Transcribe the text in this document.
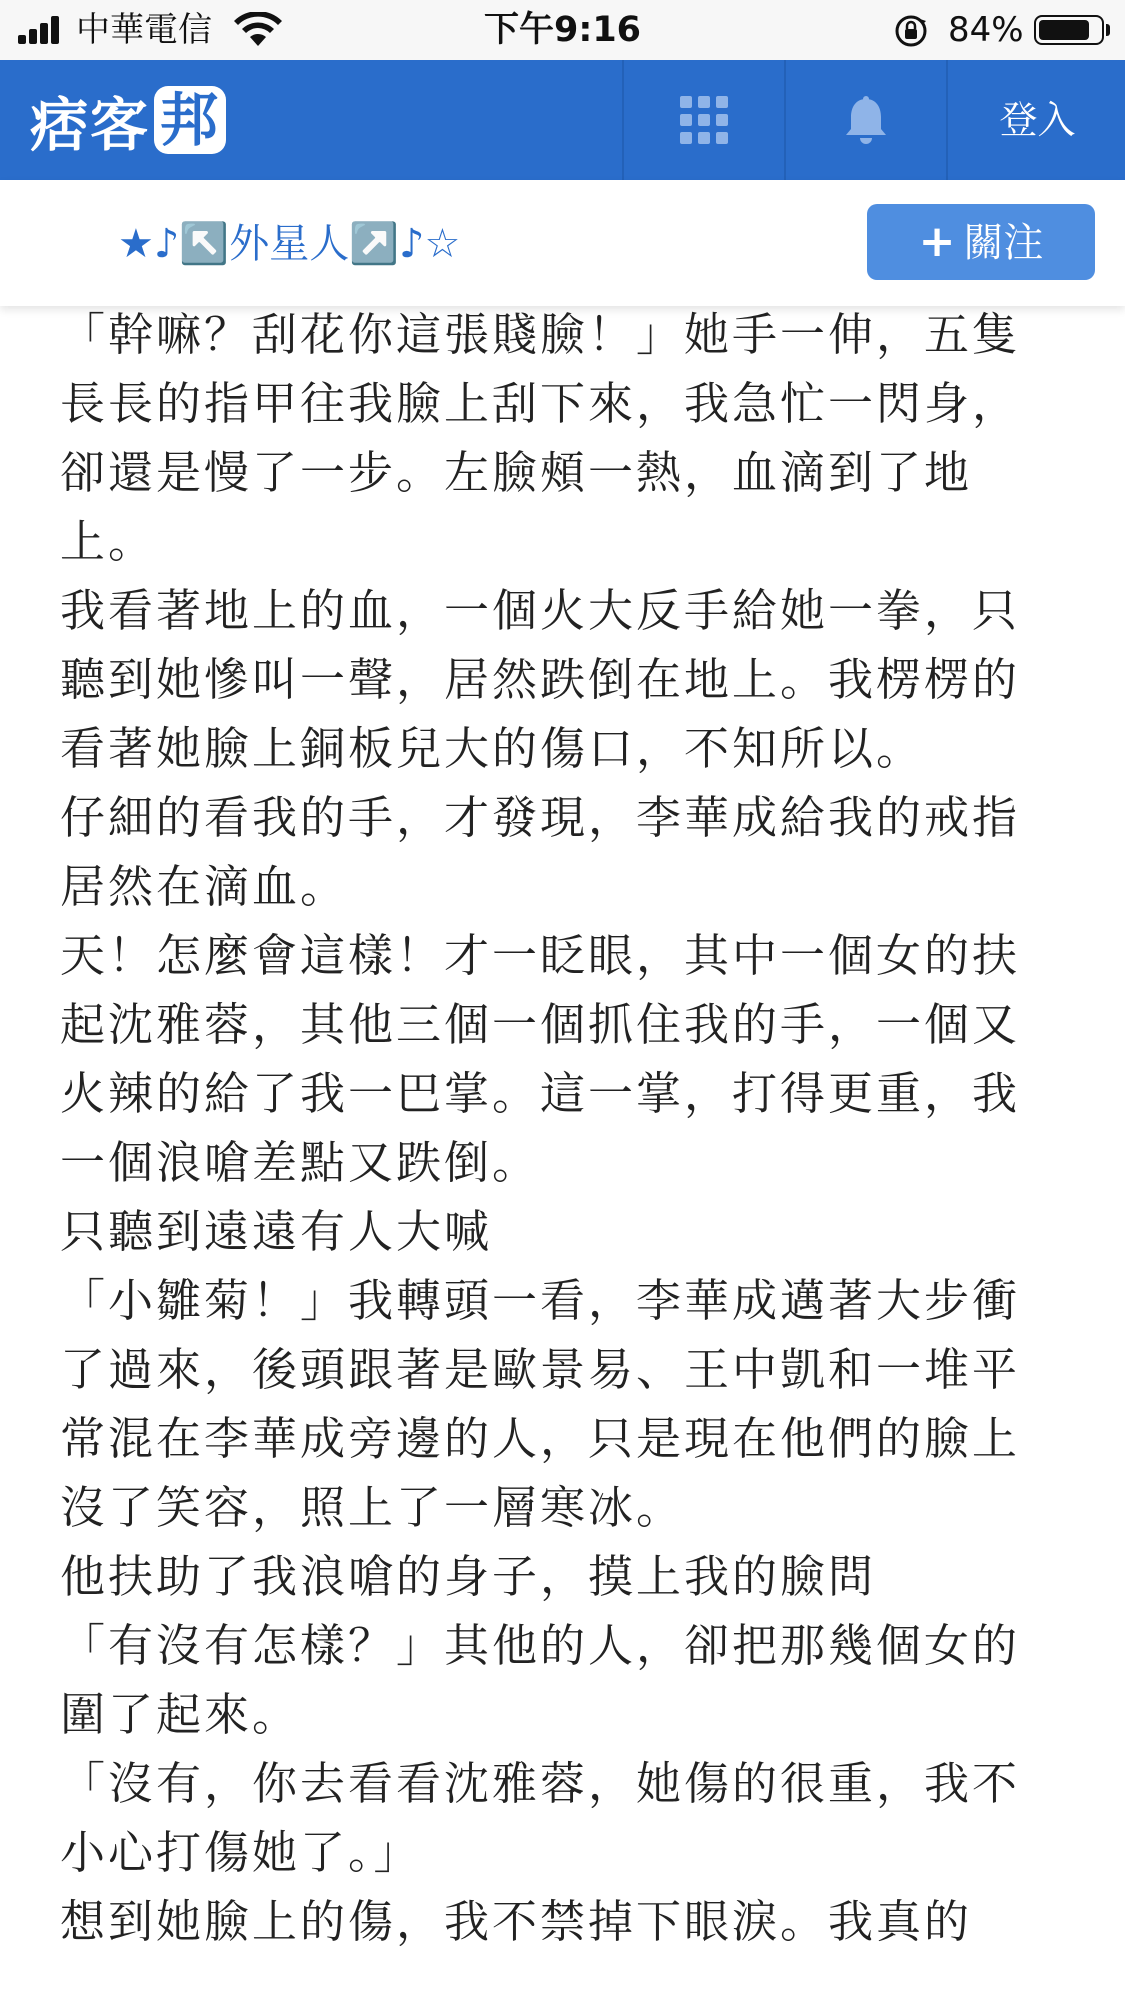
中華電信	下午9:16	84%
痞客 邦	登入
★♪↖️外星人↗️♪☆	+ 關注

「幹嘛？刮花你這張賤臉！」她手一伸，五隻長長的指甲往我臉上刮下來，我急忙一閃身，卻還是慢了一步。左臉頰一熱，血滴到了地上。

我看著地上的血，一個火大反手給她一拳，只聽到她慘叫一聲，居然跌倒在地上。我楞楞的看著她臉上銅板兒大的傷口，不知所以。

仔細的看我的手，才發現，李華成給我的戒指居然在滴血。

天！怎麼會這樣！才一眨眼，其中一個女的扶起沈雅蓉，其他三個一個抓住我的手，一個又火辣的給了我一巴掌。這一掌，打得更重，我一個浪嗆差點又跌倒。

只聽到遠遠有人大喊

「小雛菊！」我轉頭一看，李華成邁著大步衝了過來，後頭跟著是歐景易、王中凱和一堆平常混在李華成旁邊的人，只是現在他們的臉上沒了笑容，照上了一層寒冰。

他扶助了我浪嗆的身子，摸上我的臉問

「有沒有怎樣？」其他的人，卻把那幾個女的圍了起來。

「沒有，你去看看沈雅蓉，她傷的很重，我不小心打傷她了。」

想到她臉上的傷，我不禁掉下眼淚。我真的
